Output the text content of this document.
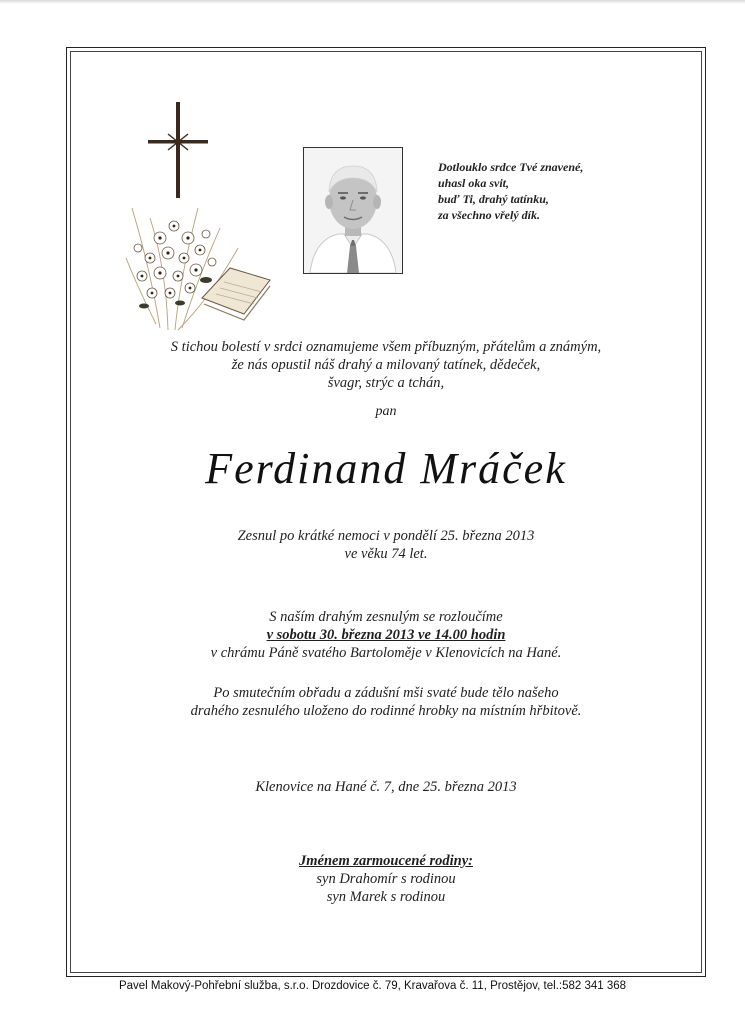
Dotlouklo srdce Tvé znavené,
uhasl oka svit,
buď Ti, drahý tatínku,
za všechno vřelý dík.
S tichou bolestí v srdci oznamujeme všem příbuzným, přátelům a známým,
že nás opustil náš drahý a milovaný tatínek, dědeček,
švagr, strýc a tchán,
pan
Ferdinand Mráček
Zesnul po krátké nemoci v pondělí 25. března 2013
ve věku 74 let.
S naším drahým zesnulým se rozloučíme
v sobotu 30. března 2013 ve 14.00 hodin
v chrámu Páně svatého Bartoloměje v Klenovicích na Hané.
Po smutečním obřadu a zádušní mši svaté bude tělo našeho
drahého zesnulého uloženo do rodinné hrobky na místním hřbitově.
Klenovice na Hané č. 7, dne 25. března 2013
Jménem zarmoucené rodiny:
syn Drahomír s rodinou
syn Marek s rodinou
Pavel Makový-Pohřební služba, s.r.o. Drozdovice č. 79, Kravařova č. 11, Prostějov, tel.:582 341 368
